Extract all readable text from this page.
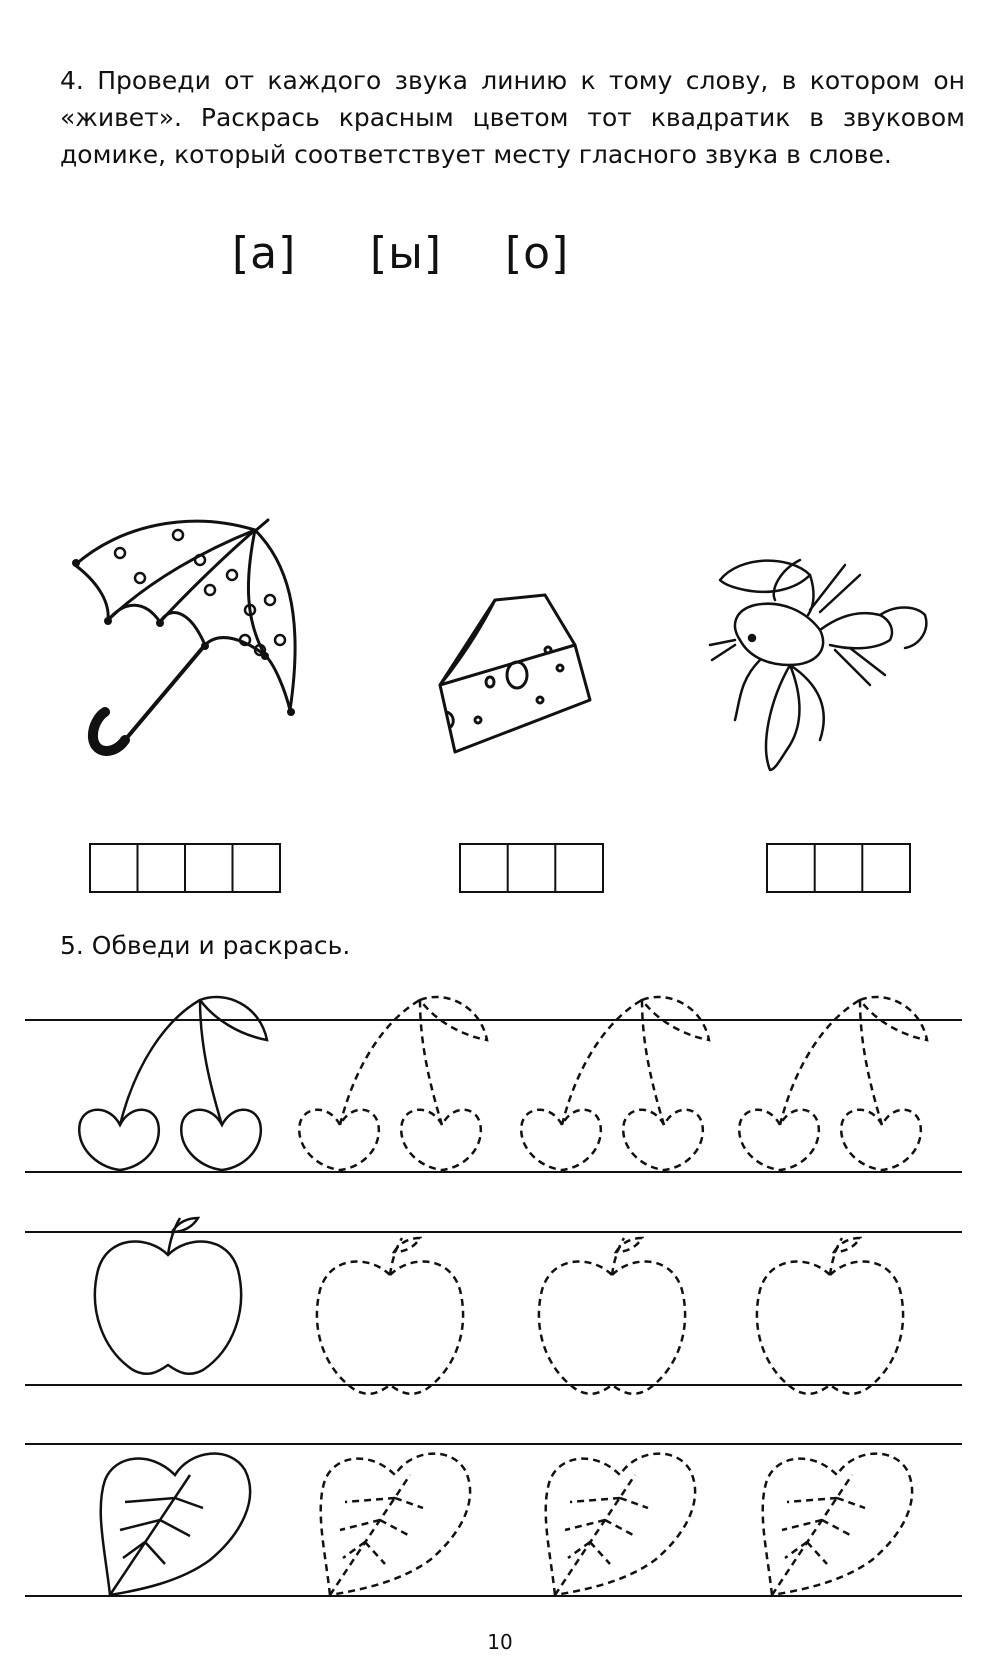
4. Проведи от каждого звука линию к тому слову, в котором он «живет». Раскрась красным цветом тот квадратик в звуковом домике, который соответствует месту гласного звука в слове.

[а] [ы] [о]

5. Обведи и раскрась.

10
